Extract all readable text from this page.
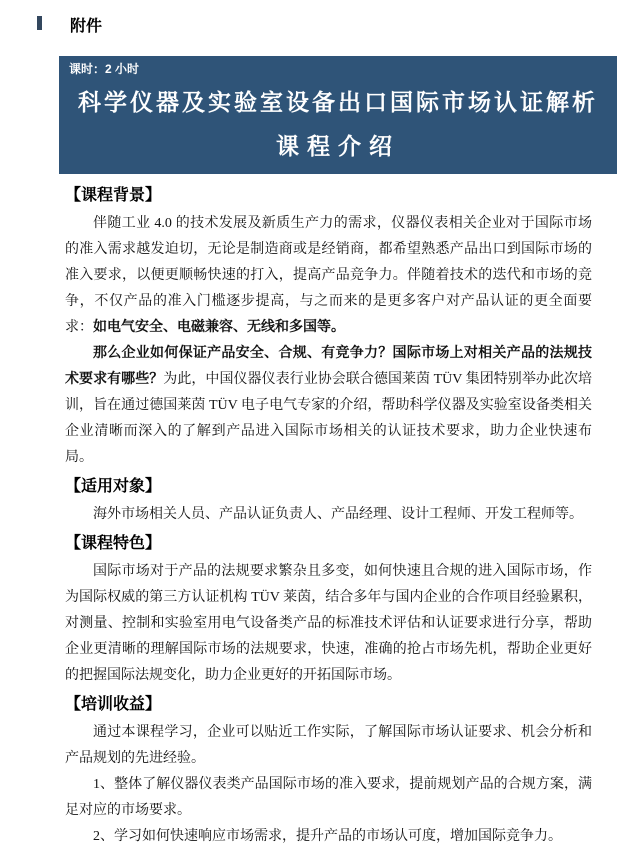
附件
课时：2 小时
科学仪器及实验室设备出口国际市场认证解析
课程介绍
【课程背景】

伴随工业 4.0 的技术发展及新质生产力的需求，仪器仪表相关企业对于国际市场的准入需求越发迫切，无论是制造商或是经销商，都希望熟悉产品出口到国际市场的准入要求，以便更顺畅快速的打入，提高产品竞争力。伴随着技术的迭代和市场的竞争，不仅产品的准入门槛逐步提高，与之而来的是更多客户对产品认证的更全面要求：如电气安全、电磁兼容、无线和多国等。

那么企业如何保证产品安全、合规、有竞争力？国际市场上对相关产品的法规技术要求有哪些？为此，中国仪器仪表行业协会联合德国莱茵 TÜV 集团特别举办此次培训，旨在通过德国莱茵 TÜV 电子电气专家的介绍，帮助科学仪器及实验室设备类相关企业清晰而深入的了解到产品进入国际市场相关的认证技术要求，助力企业快速布局。

【适用对象】

海外市场相关人员、产品认证负责人、产品经理、设计工程师、开发工程师等。

【课程特色】

国际市场对于产品的法规要求繁杂且多变，如何快速且合规的进入国际市场，作为国际权威的第三方认证机构 TÜV 莱茵，结合多年与国内企业的合作项目经验累积，对测量、控制和实验室用电气设备类产品的标准技术评估和认证要求进行分享，帮助企业更清晰的理解国际市场的法规要求，快速，准确的抢占市场先机，帮助企业更好的把握国际法规变化，助力企业更好的开拓国际市场。

【培训收益】

通过本课程学习，企业可以贴近工作实际，了解国际市场认证要求、机会分析和产品规划的先进经验。

1、整体了解仪器仪表类产品国际市场的准入要求，提前规划产品的合规方案，满足对应的市场要求。

2、学习如何快速响应市场需求，提升产品的市场认可度，增加国际竞争力。
